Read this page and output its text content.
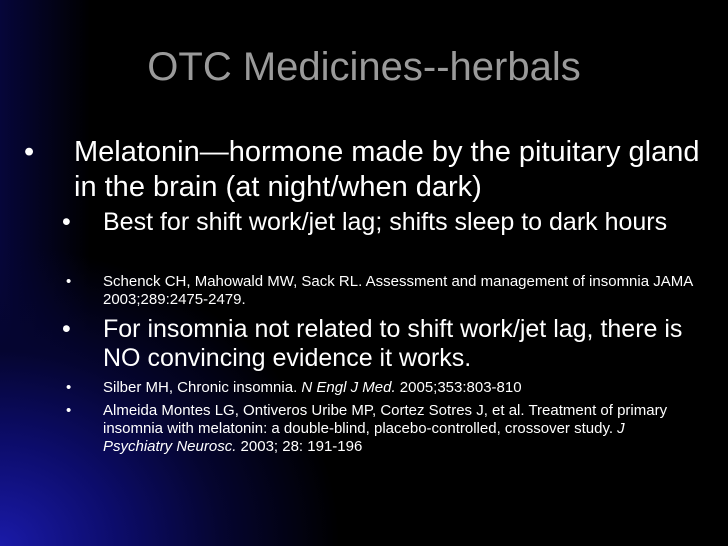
OTC Medicines--herbals
• Melatonin—hormone made by the pituitary gland in the brain (at night/when dark)
• Best for shift work/jet lag; shifts sleep to dark hours
• Schenck CH, Mahowald MW, Sack RL. Assessment and management of insomnia JAMA 2003;289:2475-2479.
• For insomnia not related to shift work/jet lag, there is NO convincing evidence it works.
• Silber MH, Chronic insomnia. N Engl J Med. 2005;353:803-810
• Almeida Montes LG, Ontiveros Uribe MP, Cortez Sotres J, et al. Treatment of primary insomnia with melatonin: a double-blind, placebo-controlled, crossover study. J Psychiatry Neurosc. 2003; 28: 191-196
